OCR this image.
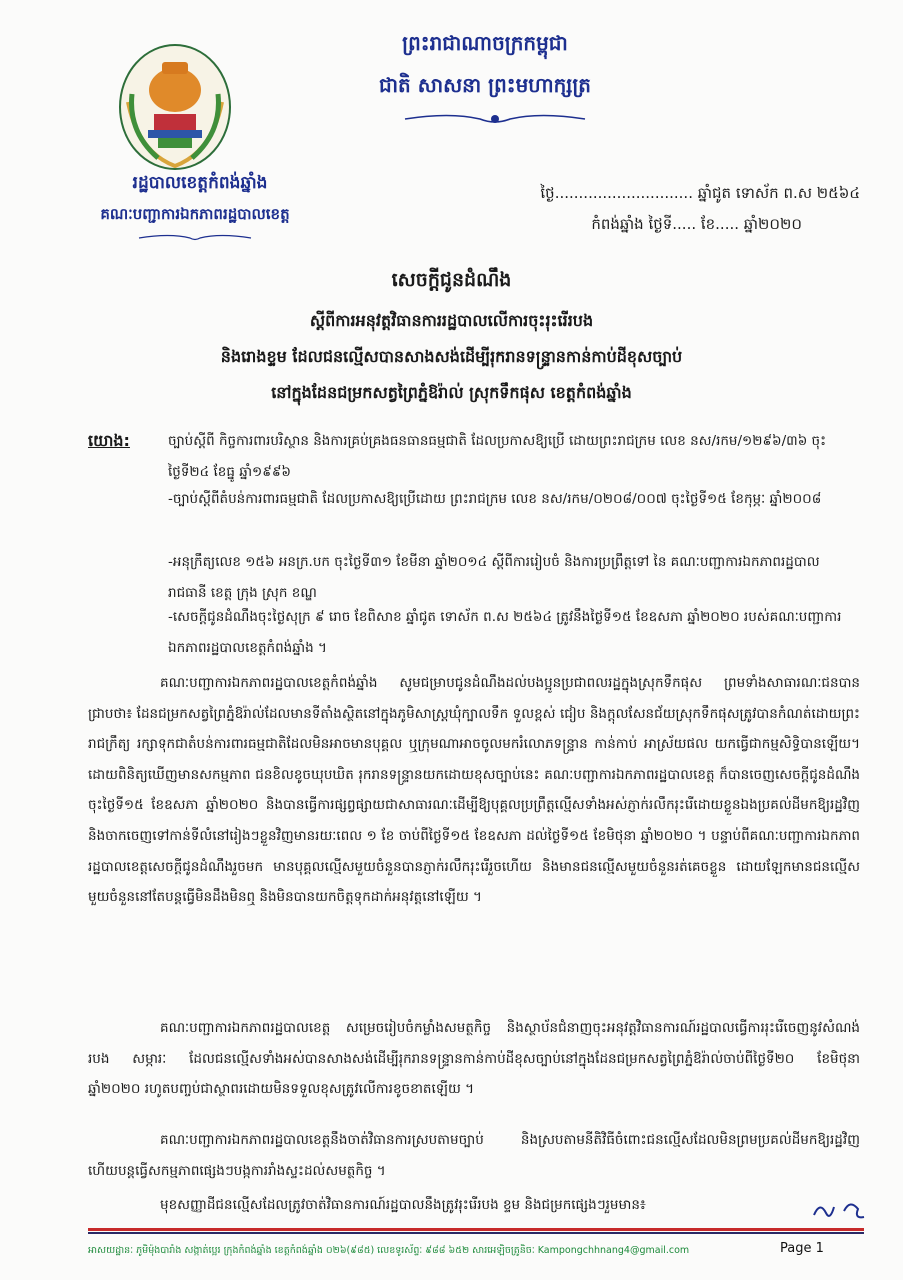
ព្រះរាជាណាចក្រកម្ពុជា
ជាតិ សាសនា ព្រះមហាក្សត្រ
រដ្ឋបាលខេត្តកំពង់ឆ្នាំង
គណៈបញ្ជាការឯកភាពរដ្ឋបាលខេត្ត
ថ្ងៃ............................. ឆ្នាំជូត ទោស័ក ព.ស ២៥៦៤
កំពង់ឆ្នាំង ថ្ងៃទី..... ខែ..... ឆ្នាំ២០២០
សេចក្តីជូនដំណឹង
ស្តីពីការអនុវត្តវិធានការរដ្ឋបាលលើការចុះរុះរើរបង
និងរោងខ្ទម ដែលជនល្មើសបានសាងសង់ដើម្បីរុករានទន្ទ្រានកាន់កាប់ដីខុសច្បាប់
នៅក្នុងដែនជម្រកសត្វព្រៃភ្នំឱរ៉ាល់ ស្រុកទឹកផុស ខេត្តកំពង់ឆ្នាំង
យោង:	ច្បាប់ស្តីពី កិច្ចការពារបរិស្ថាន និងការគ្រប់គ្រងធនធានធម្មជាតិ ដែលប្រកាសឱ្យប្រើ ដោយព្រះរាជក្រម លេខ នស/រកម/១២៩៦/៣៦ ចុះថ្ងៃទី២៤ ខែធ្នូ ឆ្នាំ១៩៩៦
-ច្បាប់ស្តីពីតំបន់ការពារធម្មជាតិ ដែលប្រកាសឱ្យប្រើដោយ ព្រះរាជក្រម លេខ នស/រកម/០២០៨/០០៧ ចុះថ្ងៃទី១៥ ខែកុម្ភៈ ឆ្នាំ២០០៨
-អនុក្រឹត្យលេខ ១៥៦ អនក្រ.បក ចុះថ្ងៃទី៣១ ខែមីនា ឆ្នាំ២០១៤ ស្តីពីការរៀបចំ និងការប្រព្រឹត្តទៅ នៃ គណៈបញ្ជាការឯកភាពរដ្ឋបាលរាជធានី ខេត្ត ក្រុង ស្រុក ខណ្ឌ
-សេចក្តីជូនដំណឹងចុះថ្ងៃសុក្រ ៩ រោច ខែពិសាខ ឆ្នាំជូត ទោស័ក ព.ស ២៥៦៤ ត្រូវនឹងថ្ងៃទី១៥ ខែឧសភា ឆ្នាំ២០២០ របស់គណៈបញ្ជាការឯកភាពរដ្ឋបាលខេត្តកំពង់ឆ្នាំង ។
គណៈបញ្ជាការឯកភាពរដ្ឋបាលខេត្តកំពង់ឆ្នាំង សូមជម្រាបជូនដំណឹងដល់បងប្អូនប្រជាពលរដ្ឋក្នុងស្រុកទឹកផុស ព្រមទាំងសាធារណៈជនបានជ្រាបថា៖ ដែនជម្រកសត្វព្រៃភ្នំឱរ៉ាល់ដែលមានទីតាំងស្ថិតនៅក្នុងភូមិសាស្ត្រឃុំក្បាលទឹក ទួលខ្ពស់ ជៀប និងក្តុលសែនជ័យស្រុកទឹកផុសត្រូវបានកំណត់ដោយព្រះរាជក្រឹត្យ រក្សាទុកជាតំបន់ការពារធម្មជាតិដែលមិនអាចមានបុគ្គល ឬក្រុមណាអាចចូលមករំលោភទន្ទ្រាន កាន់កាប់ អាស្រ័យផល យកធ្វើជាកម្មសិទ្ធិបានឡើយ។ ដោយពិនិត្យឃើញមានសកម្មភាព ជនខិលខូចឃុបឃិត រុករានទន្ទ្រានយកដោយខុសច្បាប់នេះ គណៈបញ្ជាការឯកភាពរដ្ឋបាលខេត្ត ក៏បានចេញសេចក្តីជូនដំណឹងចុះថ្ងៃទី១៥ ខែឧសភា ឆ្នាំ២០២០ និងបានធ្វើការផ្សព្វផ្សាយជាសាធារណៈដើម្បីឱ្យបុគ្គលប្រព្រឹត្តល្មើសទាំងអស់ភ្ញាក់រលឹករុះរើដោយខ្លួនឯងប្រគល់ដីមកឱ្យរដ្ឋវិញ និងចាកចេញទៅកាន់ទីលំនៅរៀងៗខ្លួនវិញមានរយៈពេល ១ ខែ ចាប់ពីថ្ងៃទី១៥ ខែឧសភា ដល់ថ្ងៃទី១៥ ខែមិថុនា ឆ្នាំ២០២០ ។ បន្ទាប់ពីគណៈបញ្ជាការឯកភាពរដ្ឋបាលខេត្តសេចក្តីជូនដំណឹងរួចមក មានបុគ្គលល្មើសមួយចំនួនបានភ្ញាក់រលឹករុះរើរួចហើយ និងមានជនល្មើសមួយចំនួនរត់គេចខ្លួន ដោយឡែកមានជនល្មើសមួយចំនួននៅតែបន្តធ្វើមិនដឹងមិនឮ និងមិនបានយកចិត្តទុកដាក់អនុវត្តនៅឡើយ ។
គណៈបញ្ជាការឯកភាពរដ្ឋបាលខេត្ត សម្រេចរៀបចំកម្លាំងសមត្ថកិច្ច និងស្ថាប័នជំនាញចុះអនុវត្តវិធានការណ៍រដ្ឋបាលធ្វើការរុះរើចេញនូវសំណង់ របង សម្ភារៈ ដែលជនល្មើសទាំងអស់បានសាងសង់ដើម្បីរុករានទន្ទ្រានកាន់កាប់ដីខុសច្បាប់នៅក្នុងដែនជម្រកសត្វព្រៃភ្នំឱរ៉ាល់ចាប់ពីថ្ងៃទី២០ ខែមិថុនា ឆ្នាំ២០២០ រហូតបញ្ចប់ជាស្ថាពរដោយមិនទទួលខុសត្រូវលើការខូចខាតឡើយ ។
គណៈបញ្ជាការឯកភាពរដ្ឋបាលខេត្តនឹងចាត់វិធានការស្របតាមច្បាប់ និងស្របតាមនីតិវិធីចំពោះជនល្មើសដែលមិនព្រមប្រគល់ដីមកឱ្យរដ្ឋវិញ ហើយបន្តធ្វើសកម្មភាពផ្សេងៗបង្កការរាំងស្ទះដល់សមត្ថកិច្ច ។
មុខសញ្ញាដីជនល្មើសដែលត្រូវចាត់វិធានការណ៍រដ្ឋបាលនឹងត្រូវរុះរើរបង ខ្ទម និងជម្រកផ្សេងៗរួមមាន៖
អាសយដ្ឋានៈ ភូមិម៉ុងបារាំង សង្កាត់ប្អេរ ក្រុងកំពង់ឆ្នាំង ខេត្តកំពង់ឆ្នាំង ០២៦(៩៨៥) លេខទូរស័ព្ទៈ ៩៨៨ ៦៥២ សារអេឡិចត្រូនិចៈ Kampongchhnang4@gmail.com	Page 1
